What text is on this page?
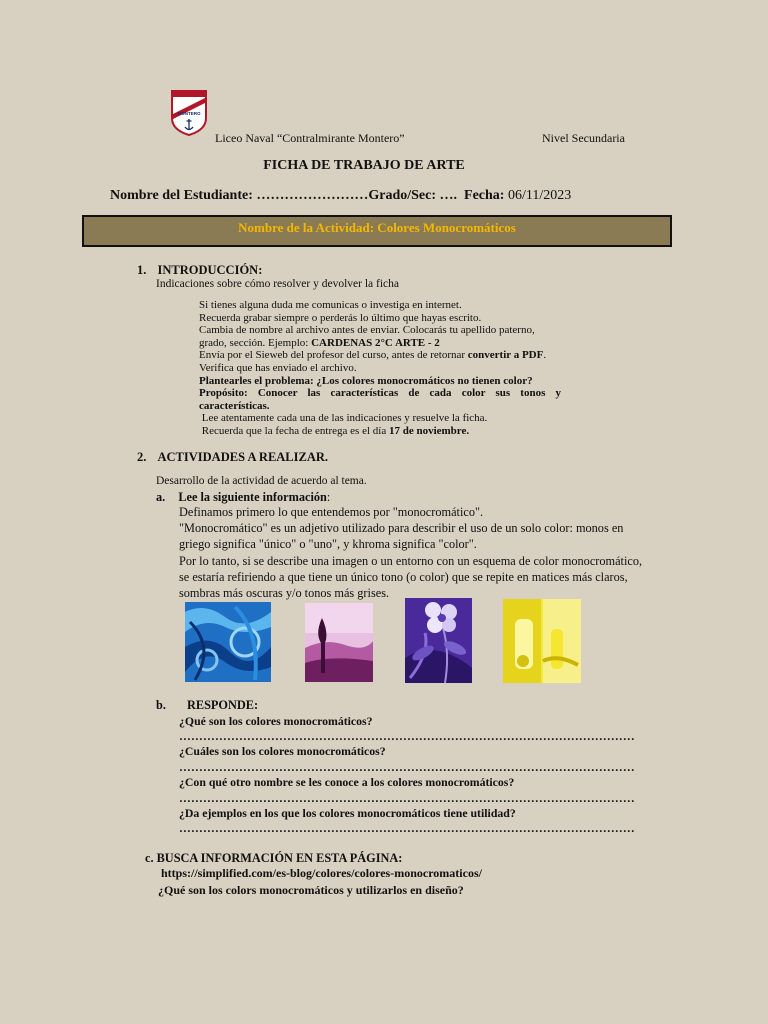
MONTERO
Liceo Naval “Contralmirante Montero”	Nivel Secundaria
FICHA DE TRABAJO DE ARTE
Nombre del Estudiante: ……………………Grado/Sec: …. Fecha: 06/11/2023
Nombre de la Actividad: Colores Monocromáticos
1. INTRODUCCIÓN:
Indicaciones sobre cómo resolver y devolver la ficha

Si tienes alguna duda me comunicas o investiga en internet.

Recuerda grabar siempre o perderás lo último que hayas escrito.

Cambia de nombre al archivo antes de enviar. Colocarás tu apellido paterno, grado, sección. Ejemplo: CARDENAS 2°C ARTE - 2

Envía por el Sieweb del profesor del curso, antes de retornar convertir a PDF.

Verifica que has enviado el archivo.

Plantearles el problema: ¿Los colores monocromáticos no tienen color?

Propósito: Conocer las características de cada color sus tonos y características.

Lee atentamente cada una de las indicaciones y resuelve la ficha.

Recuerda que la fecha de entrega es el día 17 de noviembre.

2. ACTIVIDADES A REALIZAR.
Desarrollo de la actividad de acuerdo al tema.
a. Lee la siguiente información:
Definamos primero lo que entendemos por "monocromático".
"Monocromático" es un adjetivo utilizado para describir el uso de un solo color: monos en griego significa "único" o "uno", y khroma significa "color".
Por lo tanto, si se describe una imagen o un entorno con un esquema de color monocromático, se estaría refiriendo a que tiene un único tono (o color) que se repite en matices más claros, sombras más oscuras y/o tonos más grises.
b. RESPONDE:
¿Qué son los colores monocromáticos?
……………………………………………………………………………………………………
¿Cuáles son los colores monocromáticos?
……………………………………………………………………………………………………
¿Con qué otro nombre se les conoce a los colores monocromáticos?
……………………………………………………………………………………………………
¿Da ejemplos en los que los colores monocromáticos tiene utilidad?
……………………………………………………………………………………………………
c. BUSCA INFORMACIÓN EN ESTA PÁGINA:
https://simplified.com/es-blog/colores/colores-monocromaticos/
¿Qué son los colors monocromáticos y utilizarlos en diseño?
